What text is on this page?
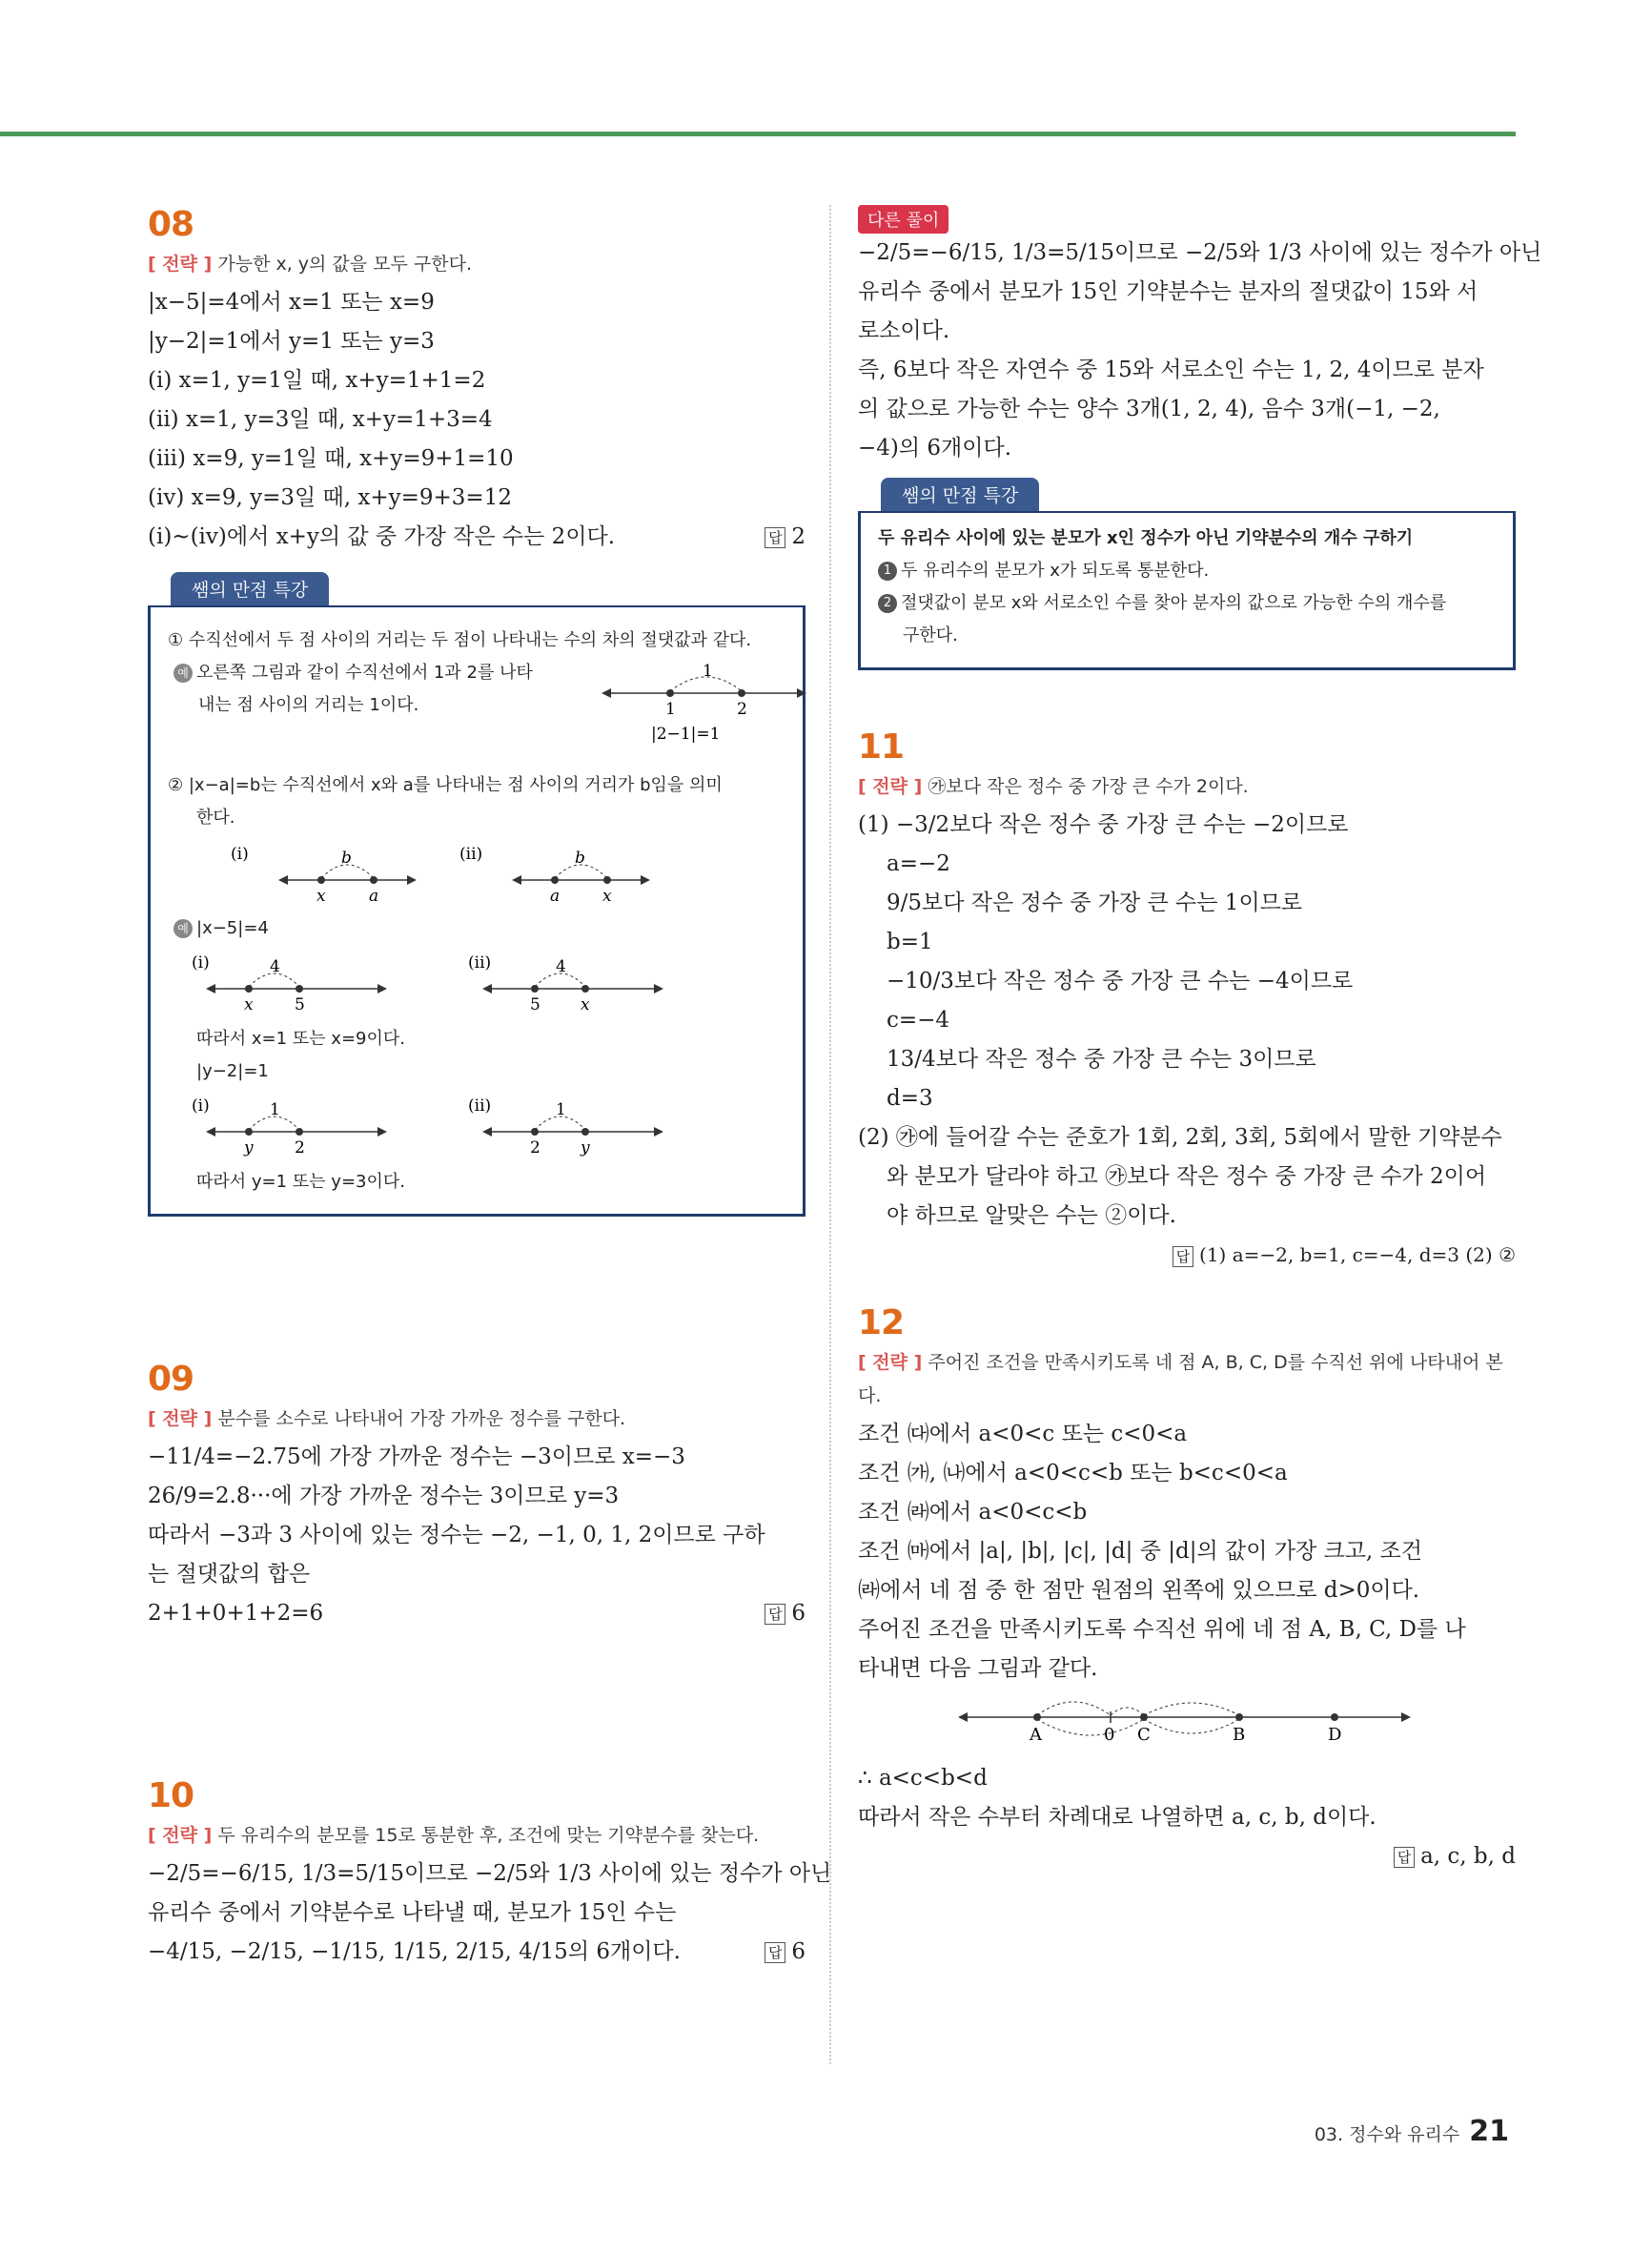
08
[ 전략 ] 가능한 x, y의 값을 모두 구한다.
|x−5|=4에서 x=1 또는 x=9
|y−2|=1에서 y=1 또는 y=3
(i) x=1, y=1일 때, x+y=1+1=2
(ii) x=1, y=3일 때, x+y=1+3=4
(iii) x=9, y=1일 때, x+y=9+1=10
(iv) x=9, y=3일 때, x+y=9+3=12
(i)~(iv)에서 x+y의 값 중 가장 작은 수는 2이다.	답 2
쌤의 만점 특강
① 수직선에서 두 점 사이의 거리는 두 점이 나타내는 수의 차의 절댓값과 같다.
예 오른쪽 그림과 같이 수직선에서 1과 2를 나타
내는 점 사이의 거리는 1이다.
1
1	2
|2−1|=1
② |x−a|=b는 수직선에서 x와 a를 나타내는 점 사이의 거리가 b임을 의미
한다.
(i)	b
x	a
(ii)	b
a	x
예 |x−5|=4
(i)	4
x	5
(ii)	4
5 x
따라서 x=1 또는 x=9이다.
|y−2|=1
(i)	1
y	2
(ii)	1
2 y
따라서 y=1 또는 y=3이다.
09
[ 전략 ] 분수를 소수로 나타내어 가장 가까운 정수를 구한다.
−11/4=−2.75에 가장 가까운 정수는 −3이므로 x=−3
26/9=2.8···에 가장 가까운 정수는 3이므로 y=3
따라서 −3과 3 사이에 있는 정수는 −2, −1, 0, 1, 2이므로 구하
는 절댓값의 합은
2+1+0+1+2=6	답 6
10
[ 전략 ] 두 유리수의 분모를 15로 통분한 후, 조건에 맞는 기약분수를 찾는다.
−2/5=−6/15, 1/3=5/15이므로 −2/5와 1/3 사이에 있는 정수가 아닌
유리수 중에서 기약분수로 나타낼 때, 분모가 15인 수는
−4/15, −2/15, −1/15, 1/15, 2/15, 4/15의 6개이다.	답 6
다른 풀이
−2/5=−6/15, 1/3=5/15이므로 −2/5와 1/3 사이에 있는 정수가 아닌
유리수 중에서 분모가 15인 기약분수는 분자의 절댓값이 15와 서
로소이다.
즉, 6보다 작은 자연수 중 15와 서로소인 수는 1, 2, 4이므로 분자
의 값으로 가능한 수는 양수 3개(1, 2, 4), 음수 3개(−1, −2,
−4)의 6개이다.
쌤의 만점 특강
두 유리수 사이에 있는 분모가 x인 정수가 아닌 기약분수의 개수 구하기
1 두 유리수의 분모가 x가 되도록 통분한다.
2 절댓값이 분모 x와 서로소인 수를 찾아 분자의 값으로 가능한 수의 개수를
구한다.
11
[ 전략 ] ㉮보다 작은 정수 중 가장 큰 수가 2이다.
(1) −3/2보다 작은 정수 중 가장 큰 수는 −2이므로
a=−2
9/5보다 작은 정수 중 가장 큰 수는 1이므로
b=1
−10/3보다 작은 정수 중 가장 큰 수는 −4이므로
c=−4
13/4보다 작은 정수 중 가장 큰 수는 3이므로
d=3
(2) ㉮에 들어갈 수는 준호가 1회, 2회, 3회, 5회에서 말한 기약분수
와 분모가 달라야 하고 ㉮보다 작은 정수 중 가장 큰 수가 2이어
야 하므로 알맞은 수는 ②이다.
답 (1) a=−2, b=1, c=−4, d=3 (2) ②
12
[ 전략 ] 주어진 조건을 만족시키도록 네 점 A, B, C, D를 수직선 위에 나타내어 본
다.
조건 ㈐에서 a<0<c 또는 c<0<a
조건 ㈎, ㈏에서 a<0<c<b 또는 b<c<0<a
조건 ㈑에서 a<0<c<b
조건 ㈒에서 |a|, |b|, |c|, |d| 중 |d|의 값이 가장 크고, 조건
㈑에서 네 점 중 한 점만 원점의 왼쪽에 있으므로 d>0이다.
주어진 조건을 만족시키도록 수직선 위에 네 점 A, B, C, D를 나
타내면 다음 그림과 같다.
A	0 C	B	D
∴ a<c<b<d
따라서 작은 수부터 차례대로 나열하면 a, c, b, d이다.
답 a, c, b, d
03. 정수와 유리수 21
